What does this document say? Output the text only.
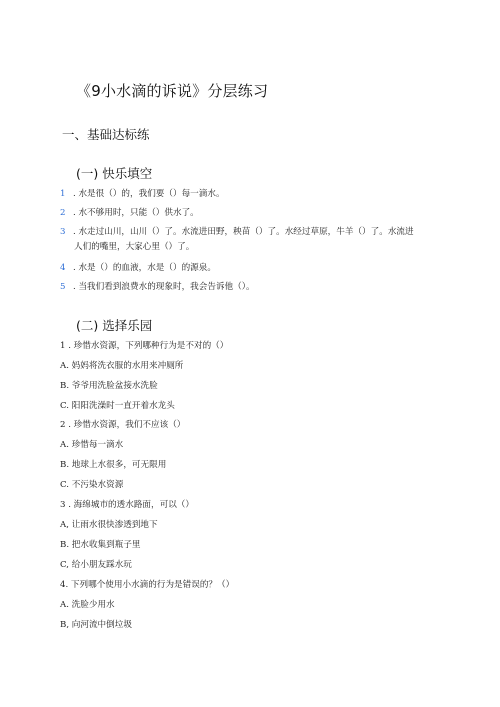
《9小水滴的诉说》分层练习
一、基础达标练
(一) 快乐填空
1 . 水是很（）的，我们要（）每一滴水。
2 . 水不够用时，只能（）供水了。
3 . 水走过山川，山川（）了。水流进田野，秧苗（）了。水经过草原，牛羊（）了。水流进
人们的嘴里，大家心里（）了。
4 . 水是（）的血液，水是（）的源泉。
5 . 当我们看到浪费水的现象时，我会告诉他（）。
(二) 选择乐园
1 . 珍惜水资源，下列哪种行为是不对的（）
A. 妈妈将洗衣服的水用来冲厕所
B. 爷爷用洗脸盆接水洗脸
C. 阳阳洗澡时一直开着水龙头
2 . 珍惜水资源，我们不应该（）
A. 珍惜每一滴水
B. 地球上水很多，可无限用
C. 不污染水资源
3 . 海绵城市的透水路面，可以（）
A, 让雨水很快渗透到地下
B. 把水收集到瓶子里
C, 给小朋友踩水玩
4. 下列哪个使用小水滴的行为是错误的？（）
A. 洗脸少用水
B, 向河流中倒垃圾
